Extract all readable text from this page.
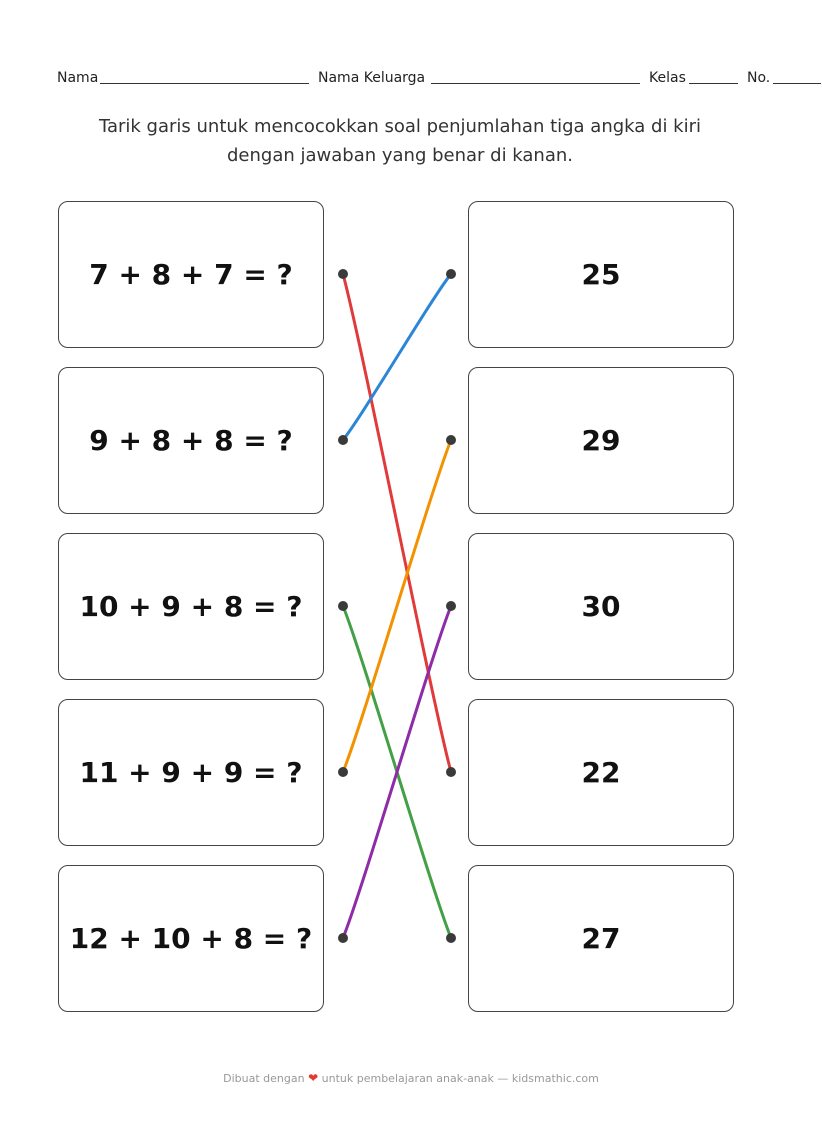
Nama	Nama Keluarga	Kelas	No.
Tarik garis untuk mencocokkan soal penjumlahan tiga angka di kiri
dengan jawaban yang benar di kanan.
7 + 8 + 7 = ?
9 + 8 + 8 = ?
10 + 9 + 8 = ?
11 + 9 + 9 = ?
12 + 10 + 8 = ?
25
29
30
22
27
Dibuat dengan ❤ untuk pembelajaran anak-anak — kidsmathic.com
